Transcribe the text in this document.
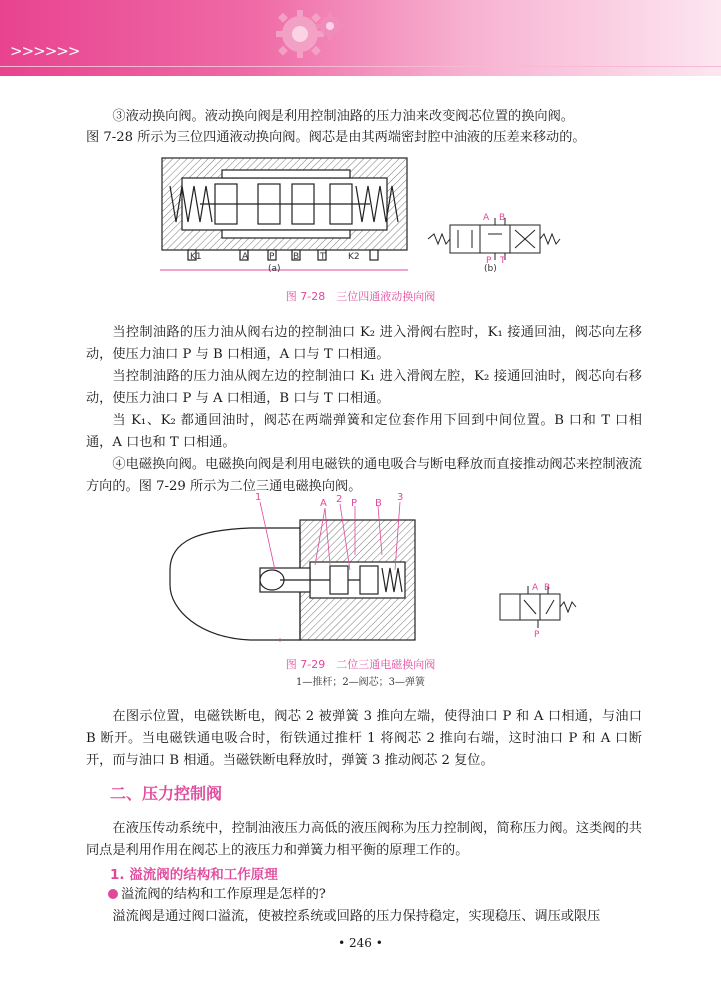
>>>>>>
③液动换向阀。液动换向阀是利用控制油路的压力油来改变阀芯位置的换向阀。
图 7-28 所示为三位四通液动换向阀。阀芯是由其两端密封腔中油液的压差来移动的。
K1	A P B T	K2
(a)
A B
P T
(b)
图 7-28　三位四通液动换向阀
当控制油路的压力油从阀右边的控制油口 K₂ 进入滑阀右腔时，K₁ 接通回油，阀芯向左移动，使压力油口 P 与 B 口相通，A 口与 T 口相通。
当控制油路的压力油从阀左边的控制油口 K₁ 进入滑阀左腔，K₂ 接通回油时，阀芯向右移动，使压力油口 P 与 A 口相通，B 口与 T 口相通。
当 K₁、K₂ 都通回油时，阀芯在两端弹簧和定位套作用下回到中间位置。B 口和 T 口相通，A 口也和 T 口相通。
④电磁换向阀。电磁换向阀是利用电磁铁的通电吸合与断电释放而直接推动阀芯来控制液流方向的。图 7-29 所示为二位三通电磁换向阀。
1
A 2 P B
3
A B
P
图 7-29　二位三通电磁换向阀
1—推杆；2—阀芯；3—弹簧
在图示位置，电磁铁断电，阀芯 2 被弹簧 3 推向左端，使得油口 P 和 A 口相通，与油口 B 断开。当电磁铁通电吸合时，衔铁通过推杆 1 将阀芯 2 推向右端，这时油口 P 和 A 口断开，而与油口 B 相通。当磁铁断电释放时，弹簧 3 推动阀芯 2 复位。
二、压力控制阀
在液压传动系统中，控制油液压力高低的液压阀称为压力控制阀，简称压力阀。这类阀的共同点是利用作用在阀芯上的液压力和弹簧力相平衡的原理工作的。
1. 溢流阀的结构和工作原理
溢流阀的结构和工作原理是怎样的?
溢流阀是通过阀口溢流，使被控系统或回路的压力保持稳定，实现稳压、调压或限压
• 246 •
